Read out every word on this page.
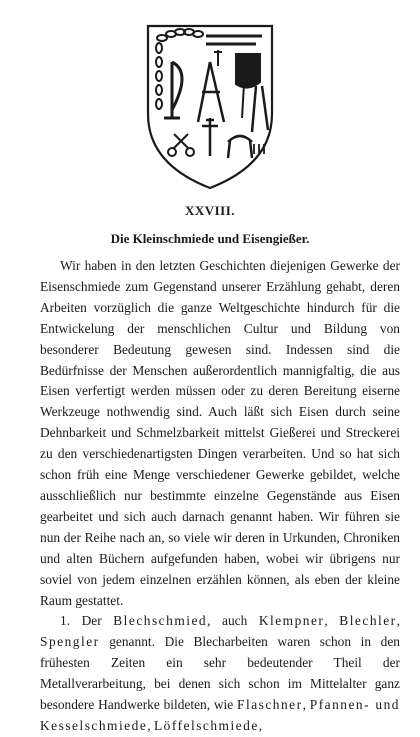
XXVIII.
Die Kleinschmiede und Eisengießer.

Wir haben in den letzten Geschichten diejenigen Gewerke der Eisenschmiede zum Gegenstand unserer Erzählung gehabt, deren Arbeiten vorzüglich die ganze Weltgeschichte hindurch für die Entwickelung der menschlichen Cultur und Bildung von besonderer Bedeutung gewesen sind. Indessen sind die Bedürfnisse der Menschen außerordentlich mannigfaltig, die aus Eisen verfertigt werden müssen oder zu deren Bereitung eiserne Werkzeuge nothwendig sind. Auch läßt sich Eisen durch seine Dehnbarkeit und Schmelzbarkeit mittelst Gießerei und Streckerei zu den verschiedenartigsten Dingen verarbeiten. Und so hat sich schon früh eine Menge verschiedener Gewerke gebildet, welche ausschließlich nur bestimmte einzelne Gegenstände aus Eisen gearbeitet und sich auch darnach genannt haben. Wir führen sie nun der Reihe nach an, so viele wir deren in Urkunden, Chroniken und alten Büchern aufgefunden haben, wobei wir übrigens nur soviel von jedem einzelnen erzählen können, als eben der kleine Raum gestattet.

1. Der Blechschmied, auch Klempner, Blechler, Spengler genannt. Die Blecharbeiten waren schon in den frühesten Zeiten ein sehr bedeutender Theil der Metallverarbeitung, bei denen sich schon im Mittelalter ganz besondere Handwerke bildeten, wie Flaschner, Pfannen- und Kesselschmiede, Löffelschmiede,
